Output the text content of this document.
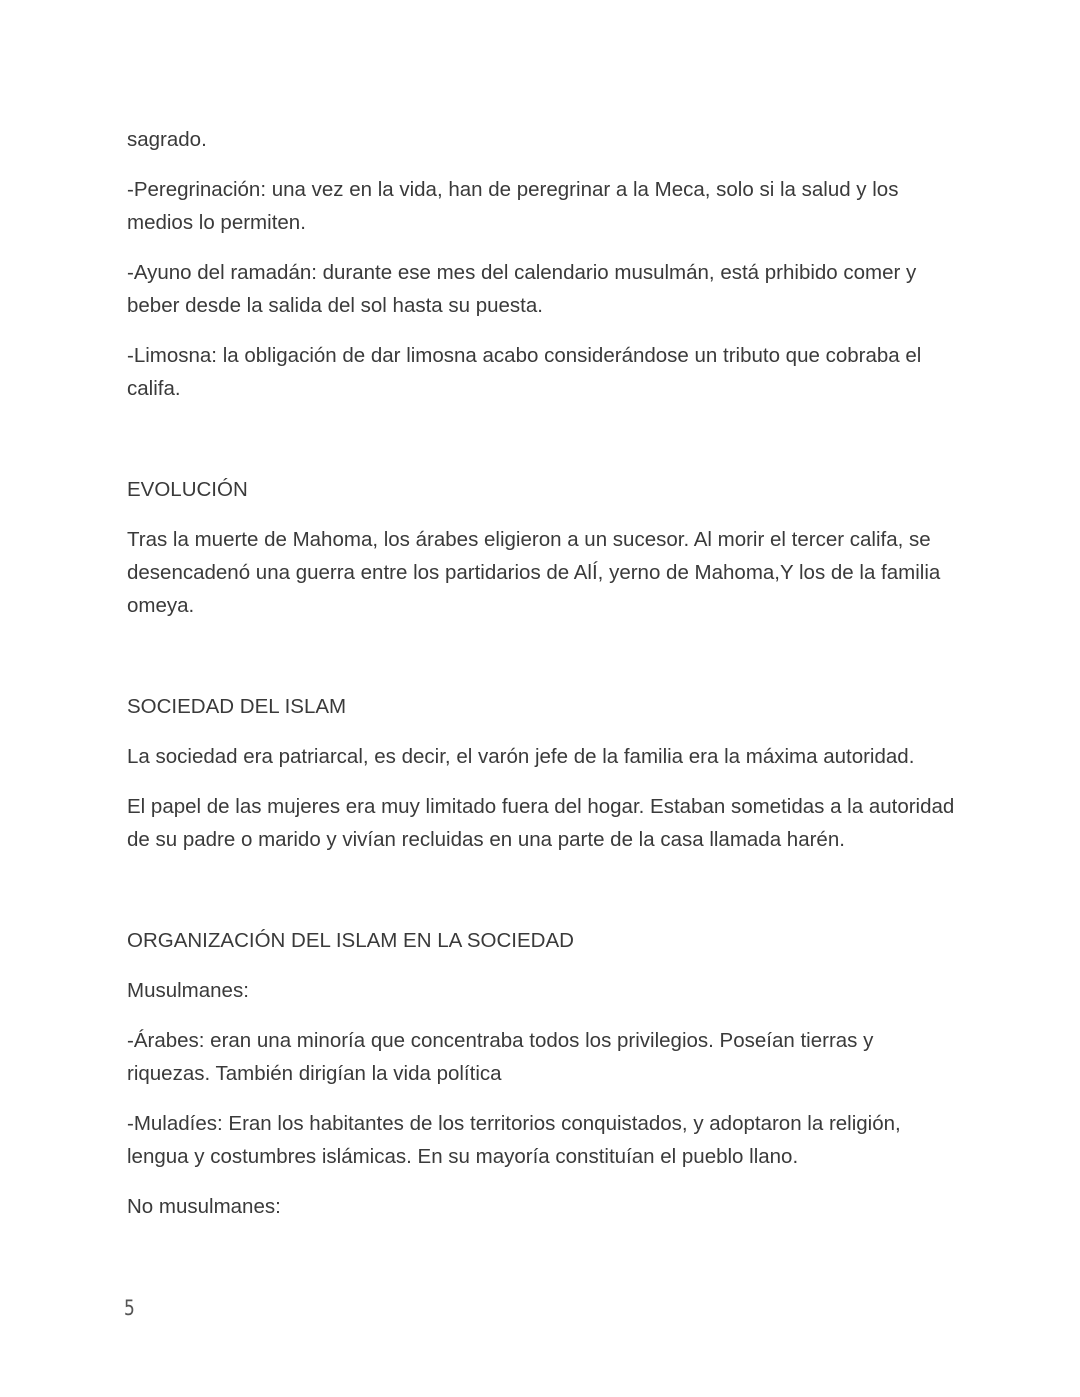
sagrado.

-Peregrinación: una vez en la vida, han de peregrinar a la Meca, solo si la salud y los medios lo permiten.

-Ayuno del ramadán: durante ese mes del calendario musulmán, está prhibido comer y beber desde la salida del sol hasta su puesta.

-Limosna: la obligación de dar limosna acabo considerándose un tributo que cobraba el califa.

EVOLUCIÓN

Tras la muerte de Mahoma, los árabes eligieron a un sucesor. Al morir el tercer califa, se desencadenó una guerra entre los partidarios de AlÍ, yerno de Mahoma,Y los de la familia omeya.

SOCIEDAD DEL ISLAM

La sociedad era patriarcal, es decir, el varón jefe de la familia era la máxima autoridad.

El papel de las mujeres era muy limitado fuera del hogar. Estaban sometidas a la autoridad de su padre o marido y vivían recluidas en una parte de la casa llamada harén.

ORGANIZACIÓN DEL ISLAM EN LA SOCIEDAD

Musulmanes:

-Árabes: eran una minoría que concentraba todos los privilegios. Poseían tierras y riquezas. También dirigían la vida política

-Muladíes: Eran los habitantes de los territorios conquistados, y adoptaron la religión, lengua y costumbres islámicas. En su mayoría constituían el pueblo llano.

No musulmanes:

5
